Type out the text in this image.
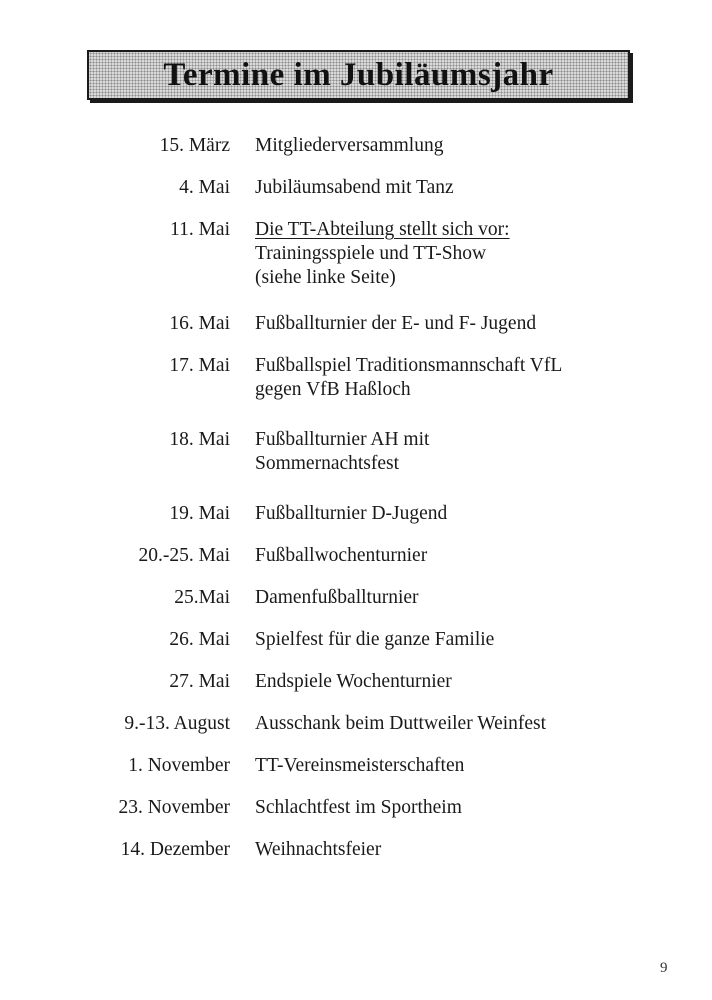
Termine im Jubiläumsjahr
15. März Mitgliederversammlung
4. Mai Jubiläumsabend mit Tanz
11. Mai Die TT-Abteilung stellt sich vor:
Trainingsspiele und TT-Show
(siehe linke Seite)
16. Mai Fußballturnier der E- und F- Jugend
17. Mai Fußballspiel Traditionsmannschaft VfL
gegen VfB Haßloch
18. Mai Fußballturnier AH mit
Sommernachtsfest
19. Mai Fußballturnier D-Jugend
20.-25. Mai Fußballwochenturnier
25.Mai Damenfußballturnier
26. Mai Spielfest für die ganze Familie
27. Mai Endspiele Wochenturnier
9.-13. August Ausschank beim Duttweiler Weinfest
1. November TT-Vereinsmeisterschaften
23. November Schlachtfest im Sportheim
14. Dezember Weihnachtsfeier
9
